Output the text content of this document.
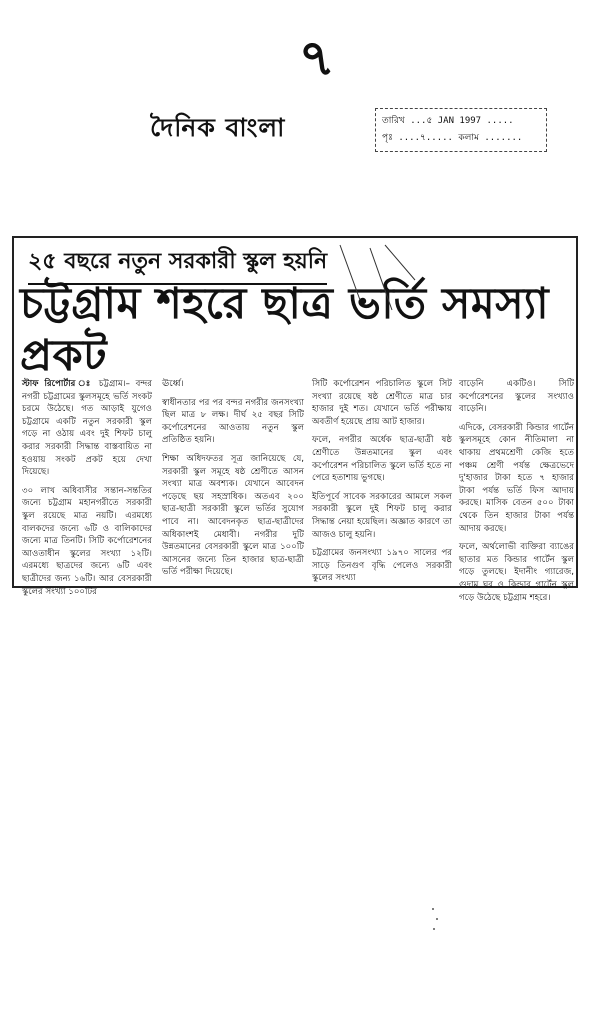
৭
দৈনিক বাংলা	তারিখ ...৫ JAN 1997 .....
পৃঃ ....৭..... কলাম .......
২৫ বছরে নতুন সরকারী স্কুল হয়নি
চট্টগ্রাম শহরে ছাত্র ভর্তি সমস্যা প্রকট

স্টাফ রিপোর্টার ঃ চট্টগ্রাম।– বন্দর নগরী চট্টগ্রামের স্কুলসমূহে ভর্তি সংকট চরমে উঠেছে। গত আড়াই যুগেও চট্টগ্রামে একটি নতুন সরকারী স্কুল গড়ে না ওঠায় এবং দুই শিফট চালু করার সরকারী সিদ্ধান্ত বাস্তবায়িত না হওয়ায় সংকট প্রকট হয়ে দেখা দিয়েছে।

৩০ লাখ অধিবাসীর সন্তান-সন্ততির জন্যে চট্টগ্রাম মহানগরীতে সরকারী স্কুল রয়েছে মাত্র নয়টি। এরমধ্যে বালকদের জন্যে ৬টি ও বালিকাদের জন্যে মাত্র তিনটি। সিটি কর্পোরেশনের আওতাধীন স্কুলের সংখ্যা ১২টি। এরমধ্যে ছাত্রদের জন্যে ৬টি এবং ছাত্রীদের জন্য ১৬টি। আর বেসরকারী স্কুলের সংখ্যা ১০০টির

ঊর্ধ্বে।

স্বাধীনতার পর পর বন্দর নগরীর জনসংখ্যা ছিল মাত্র ৮ লক্ষ। দীর্ঘ ২৫ বছর সিটি কর্পোরেশনের আওতায় নতুন স্কুল প্রতিষ্ঠিত হয়নি।

শিক্ষা অধিদফতর সূত্র জানিয়েছে যে, সরকারী স্কুল সমূহে ষষ্ঠ শ্রেণীতে আসন সংখ্যা মাত্র অবশ্যক। যেখানে আবেদন পড়েছে ছয় সহস্রাধিক। অতএব ২০০ ছাত্র-ছাত্রী সরকারী স্কুলে ভর্তির সুযোগ পাবে না। আবেদনকৃত ছাত্র-ছাত্রীদের অধিকাংশই মেধাবী। নগরীর দুটি উন্নতমানের বেসরকারী স্কুলে মাত্র ১০০টি আসনের জন্যে তিন হাজার ছাত্র-ছাত্রী ভর্তি পরীক্ষা দিয়েছে।

সিটি কর্পোরেশন পরিচালিত স্কুলে সিট সংখ্যা রয়েছে ষষ্ঠ শ্রেণীতে মাত্র চার হাজার দুই শত। যেখানে ভর্তি পরীক্ষায় অবতীর্ণ হয়েছে প্রায় আট হাজার।

ফলে, নগরীর অর্ধেক ছাত্র-ছাত্রী ষষ্ঠ শ্রেণীতে উন্নতমানের স্কুল এবং কর্পোরেশন পরিচালিত স্কুলে ভর্তি হতে না পেরে হতাশায় ভুগছে।

ইতিপূর্বে সাবেক সরকারের আমলে সকল সরকারী স্কুলে দুই শিফট চালু করার সিদ্ধান্ত নেয়া হয়েছিল। অজ্ঞাত কারণে তা আজও চালু হয়নি।

চট্টগ্রামের জনসংখ্যা ১৯৭০ সালের পর সাড়ে তিনগুণ বৃদ্ধি পেলেও সরকারী স্কুলের সংখ্যা

বাড়েনি একটিও। সিটি কর্পোরেশনের স্কুলের সংখ্যাও বাড়েনি।

এদিকে, বেসরকারী কিন্ডার গার্টেন স্কুলসমূহে কোন নীতিমালা না থাকায় প্রথমশ্রেণী কেজি হতে পঞ্চম শ্রেণী পর্যন্ত ক্ষেত্রভেদে দু'হাজার টাকা হতে ৭ হাজার টাকা পর্যন্ত ভর্তি ফিস আদায় করছে। মাসিক বেতন ৫০০ টাকা থেকে তিন হাজার টাকা পর্যন্ত আদায় করছে।

ফলে, অর্থলোভী ব্যক্তিরা ব্যাঙের ছাতার মত কিন্ডার গার্টেন স্কুল গড়ে তুলছে। ইদানীং গ্যারেজ, গুদাম ঘর ও কিন্ডার গার্টেন স্কুল গড়ে উঠেছে চট্টগ্রাম শহরে।
